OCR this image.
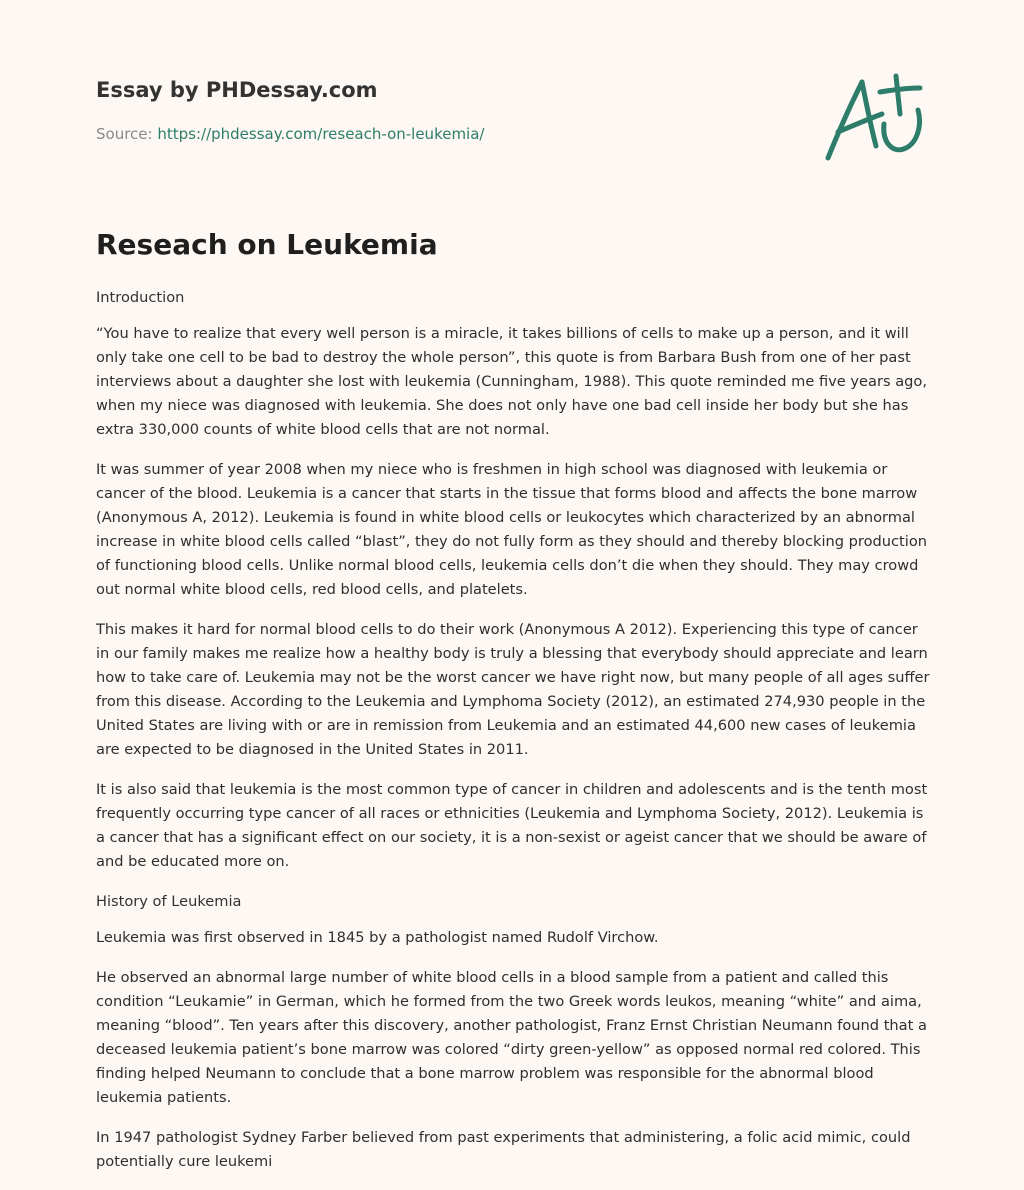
Essay by PHDessay.com

Source: https://phdessay.com/reseach-on-leukemia/
Reseach on Leukemia

Introduction

“You have to realize that every well person is a miracle, it takes billions of cells to make up a person, and it will only take one cell to be bad to destroy the whole person”, this quote is from Barbara Bush from one of her past interviews about a daughter she lost with leukemia (Cunningham, 1988). This quote reminded me five years ago, when my niece was diagnosed with leukemia. She does not only have one bad cell inside her body but she has extra 330,000 counts of white blood cells that are not normal.

It was summer of year 2008 when my niece who is freshmen in high school was diagnosed with leukemia or cancer of the blood. Leukemia is a cancer that starts in the tissue that forms blood and affects the bone marrow (Anonymous A, 2012). Leukemia is found in white blood cells or leukocytes which characterized by an abnormal increase in white blood cells called “blast”, they do not fully form as they should and thereby blocking production of functioning blood cells. Unlike normal blood cells, leukemia cells don’t die when they should. They may crowd out normal white blood cells, red blood cells, and platelets.

This makes it hard for normal blood cells to do their work (Anonymous A 2012). Experiencing this type of cancer in our family makes me realize how a healthy body is truly a blessing that everybody should appreciate and learn how to take care of. Leukemia may not be the worst cancer we have right now, but many people of all ages suffer from this disease. According to the Leukemia and Lymphoma Society (2012), an estimated 274,930 people in the United States are living with or are in remission from Leukemia and an estimated 44,600 new cases of leukemia are expected to be diagnosed in the United States in 2011.

It is also said that leukemia is the most common type of cancer in children and adolescents and is the tenth most frequently occurring type cancer of all races or ethnicities (Leukemia and Lymphoma Society, 2012). Leukemia is a cancer that has a significant effect on our society, it is a non-sexist or ageist cancer that we should be aware of and be educated more on.

History of Leukemia

Leukemia was first observed in 1845 by a pathologist named Rudolf Virchow.

He observed an abnormal large number of white blood cells in a blood sample from a patient and called this condition “Leukamie” in German, which he formed from the two Greek words leukos, meaning “white” and aima, meaning “blood”. Ten years after this discovery, another pathologist, Franz Ernst Christian Neumann found that a deceased leukemia patient’s bone marrow was colored “dirty green-yellow” as opposed normal red colored. This finding helped Neumann to conclude that a bone marrow problem was responsible for the abnormal blood leukemia patients.

In 1947 pathologist Sydney Farber believed from past experiments that administering, a folic acid mimic, could potentially cure leukemi
